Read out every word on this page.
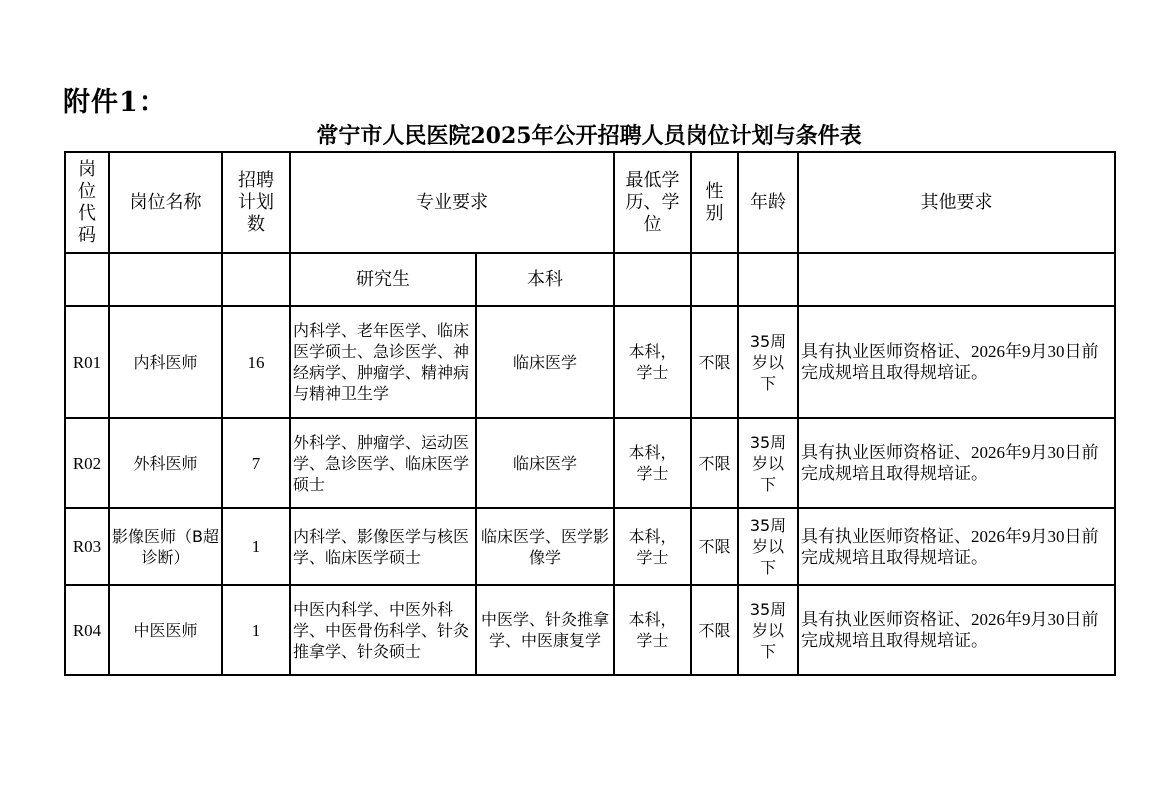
附件1：
常宁市人民医院2025年公开招聘人员岗位计划与条件表
岗位代码	岗位名称	招聘计划数	专业要求		最低学历、学位	性别	年龄	其他要求
			研究生	本科				
R01	内科医师	16	内科学、老年医学、临床医学硕士、急诊医学、神经病学、肿瘤学、精神病与精神卫生学	临床医学	本科，学士	不限	35周岁以下	具有执业医师资格证、2026年9月30日前完成规培且取得规培证。
R02	外科医师	7	外科学、肿瘤学、运动医学、急诊医学、临床医学硕士	临床医学	本科，学士	不限	35周岁以下	具有执业医师资格证、2026年9月30日前完成规培且取得规培证。
R03	影像医师（B超诊断）	1	内科学、影像医学与核医学、临床医学硕士	临床医学、医学影像学	本科，学士	不限	35周岁以下	具有执业医师资格证、2026年9月30日前完成规培且取得规培证。
R04	中医医师	1	中医内科学、中医外科学、中医骨伤科学、针灸推拿学、针灸硕士	中医学、针灸推拿学、中医康复学	本科，学士	不限	35周岁以下	具有执业医师资格证、2026年9月30日前完成规培且取得规培证。
